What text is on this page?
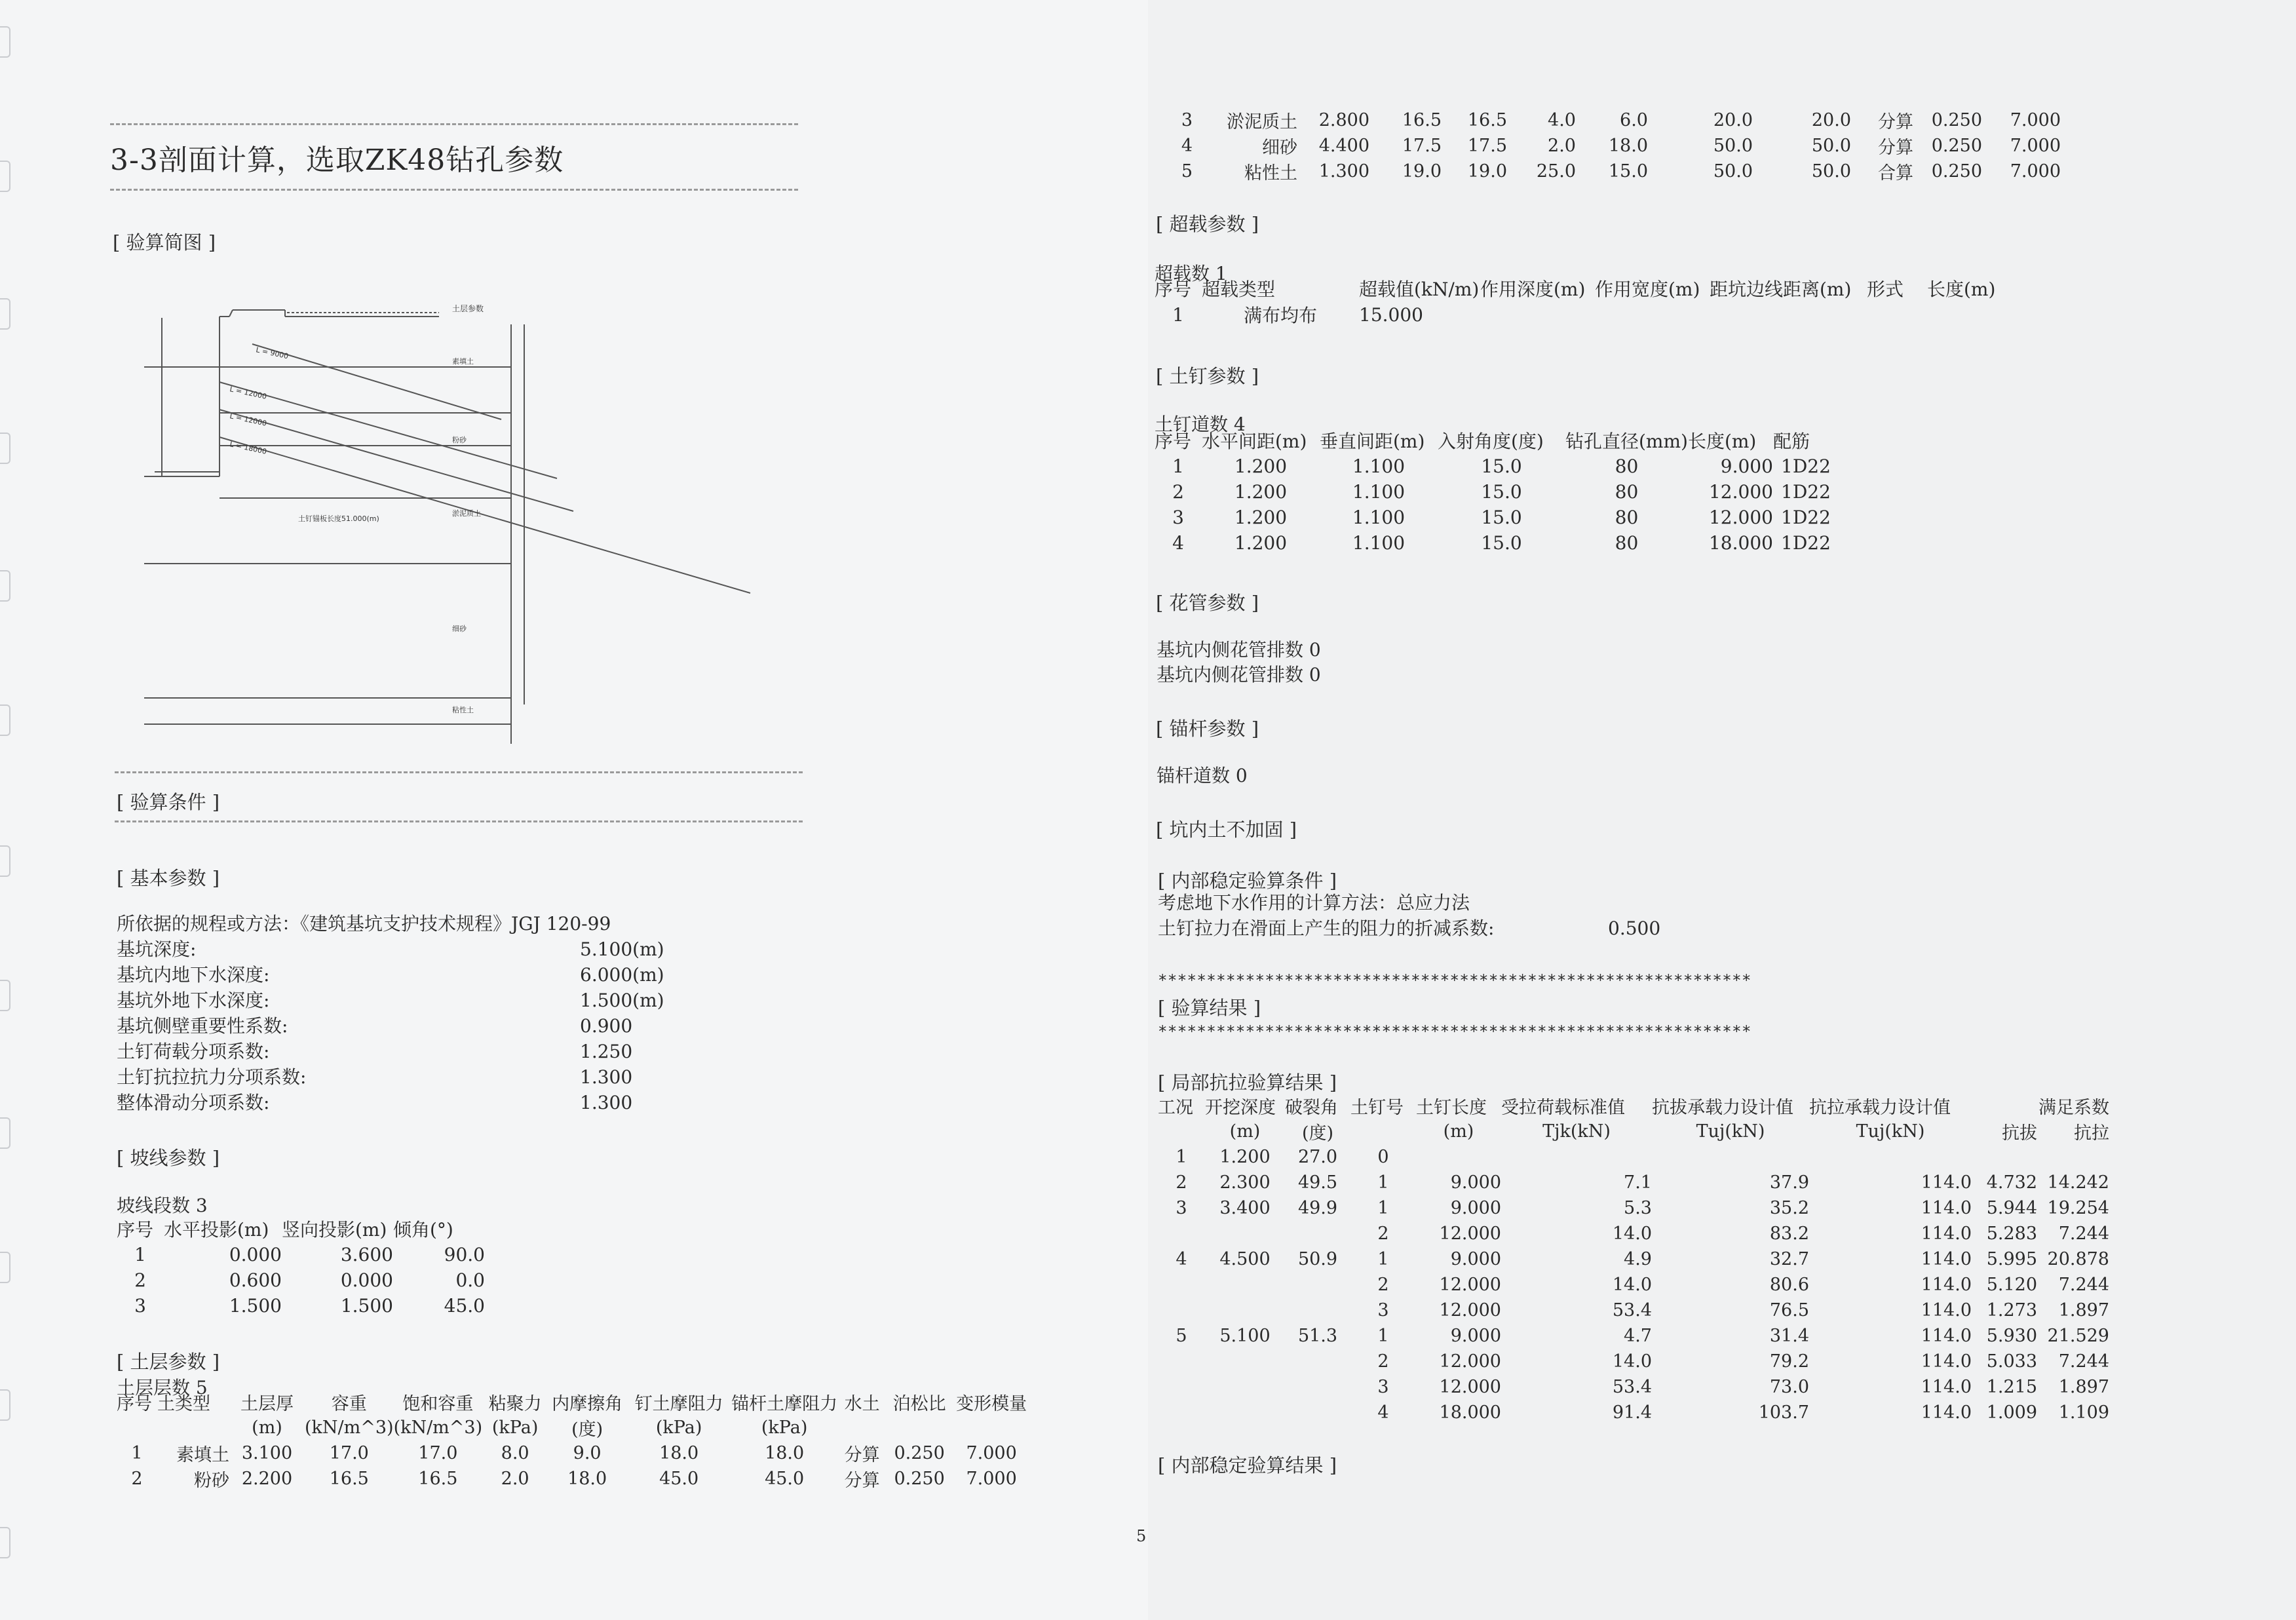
3-3剖面计算，选取ZK48钻孔参数
[ 验算简图 ]
土层参数
L = 9000
L = 12000
L = 12000
L = 18000
土钉锚板长度51.000(m)
素填土
粉砂
淤泥质土
细砂
粘性土
[ 验算条件 ]
[ 基本参数 ]
所依据的规程或方法：《建筑基坑支护技术规程》JGJ 120-99
基坑深度:	5.100(m)
基坑内地下水深度:	6.000(m)
基坑外地下水深度:	1.500(m)
基坑侧壁重要性系数:	0.900
土钉荷载分项系数:	1.250
土钉抗拉抗力分项系数:	1.300
整体滑动分项系数:	1.300
[ 坡线参数 ]
坡线段数 3
序号	水平投影(m)	竖向投影(m)	倾角(°)
1	0.000	3.600	90.0
2	0.600	0.000	0.0
3	1.500	1.500	45.0
[ 土层参数 ]
土层层数 5
序号	土类型	土层厚	容重	饱和容重	粘聚力	内摩擦角	钉土摩阻力	锚杆土摩阻力	水土	泊松比	变形模量
		(m)	(kN/m^3)	(kN/m^3)	(kPa)	(度)	(kPa)	(kPa)			
1	素填土	3.100	17.0	17.0	8.0	9.0	18.0	18.0	分算	0.250	7.000
2	粉砂	2.200	16.5	16.5	2.0	18.0	45.0	45.0	分算	0.250	7.000
3	淤泥质土	2.800	16.5	16.5	4.0	6.0	20.0	20.0	分算	0.250	7.000
4	细砂	4.400	17.5	17.5	2.0	18.0	50.0	50.0	分算	0.250	7.000
5	粘性土	1.300	19.0	19.0	25.0	15.0	50.0	50.0	合算	0.250	7.000
[ 超载参数 ]
超载数 1
序号	超载类型	超载值(kN/m)	作用深度(m)	作用宽度(m)	距坑边线距离(m)	形式	长度(m)
1	满布均布	15.000					
[ 土钉参数 ]
土钉道数 4
序号	水平间距(m)	垂直间距(m)	入射角度(度)	钻孔直径(mm)	长度(m)	配筋
1	1.200	1.100	15.0	80	9.000	1D22
2	1.200	1.100	15.0	80	12.000	1D22
3	1.200	1.100	15.0	80	12.000	1D22
4	1.200	1.100	15.0	80	18.000	1D22
[ 花管参数 ]
基坑内侧花管排数 0
基坑内侧花管排数 0
[ 锚杆参数 ]
锚杆道数 0
[ 坑内土不加固 ]
[ 内部稳定验算条件 ]
考虑地下水作用的计算方法：总应力法
土钉拉力在滑面上产生的阻力的折减系数:	0.500
*************************************************************
[ 验算结果 ]
*************************************************************
[ 局部抗拉验算结果 ]
工况	开挖深度	破裂角	土钉号	土钉长度	受拉荷载标准值	抗拔承载力设计值	抗拉承载力设计值	满足系数	
	(m)	(度)		(m)	Tjk(kN)	Tuj(kN)	Tuj(kN)	抗拔	抗拉
1	1.200	27.0	0						
2	2.300	49.5	1	9.000	7.1	37.9	114.0	4.732	14.242
3	3.400	49.9	1	9.000	5.3	35.2	114.0	5.944	19.254
			2	12.000	14.0	83.2	114.0	5.283	7.244
4	4.500	50.9	1	9.000	4.9	32.7	114.0	5.995	20.878
			2	12.000	14.0	80.6	114.0	5.120	7.244
			3	12.000	53.4	76.5	114.0	1.273	1.897
5	5.100	51.3	1	9.000	4.7	31.4	114.0	5.930	21.529
			2	12.000	14.0	79.2	114.0	5.033	7.244
			3	12.000	53.4	73.0	114.0	1.215	1.897
			4	18.000	91.4	103.7	114.0	1.009	1.109
[ 内部稳定验算结果 ]
5
